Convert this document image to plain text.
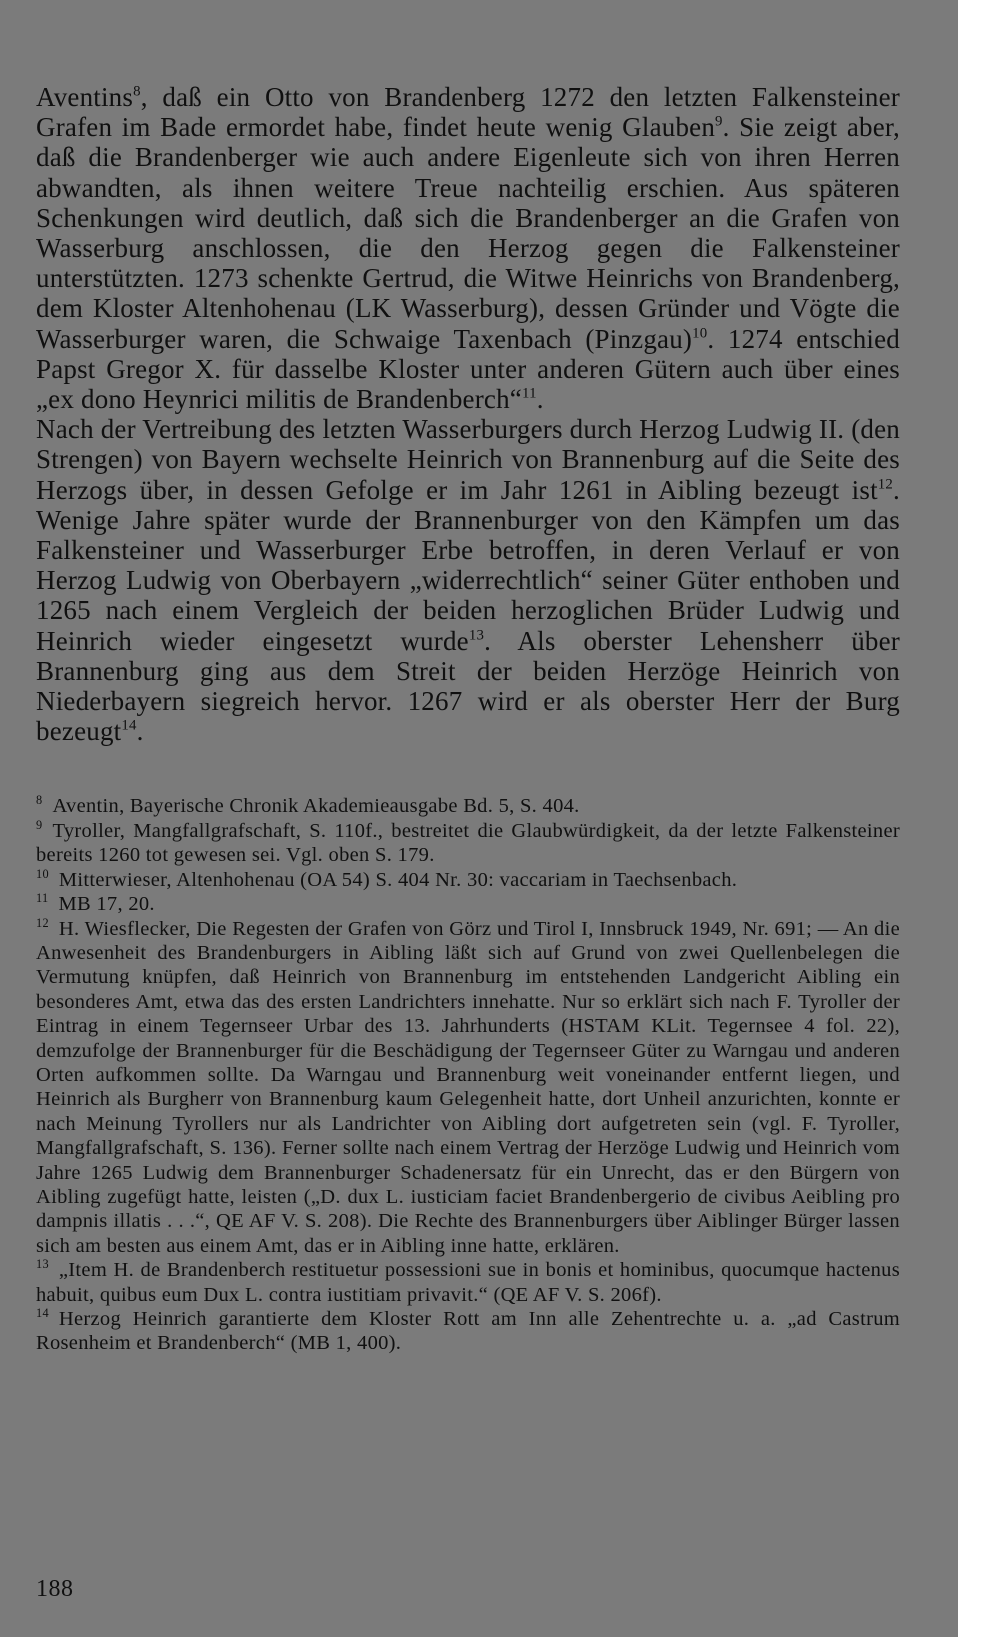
Aventins$^8$, daß ein Otto von Brandenberg 1272 den letzten Falkensteiner Grafen im Bade ermordet habe, findet heute wenig Glauben$^9$. Sie zeigt aber, daß die Brandenberger wie auch andere Eigenleute sich von ihren Herren abwandten, als ihnen weitere Treue nachteilig erschien. Aus späteren Schenkungen wird deutlich, daß sich die Brandenberger an die Grafen von Wasserburg anschlossen, die den Herzog gegen die Falkensteiner unterstützten. 1273 schenkte Gertrud, die Witwe Heinrichs von Brandenberg, dem Kloster Altenhohenau (LK Wasserburg), dessen Gründer und Vögte die Wasserburger waren, die Schwaige Taxenbach (Pinzgau)$^{10}$. 1274 entschied Papst Gregor X. für dasselbe Kloster unter anderen Gütern auch über eines „ex dono Heynrici militis de Brandenberch“$^{11}$.

Nach der Vertreibung des letzten Wasserburgers durch Herzog Ludwig II. (den Strengen) von Bayern wechselte Heinrich von Brannenburg auf die Seite des Herzogs über, in dessen Gefolge er im Jahr 1261 in Aibling bezeugt ist$^{12}$. Wenige Jahre später wurde der Brannenburger von den Kämpfen um das Falkensteiner und Wasserburger Erbe betroffen, in deren Verlauf er von Herzog Ludwig von Oberbayern „widerrechtlich“ seiner Güter enthoben und 1265 nach einem Vergleich der beiden herzoglichen Brüder Ludwig und Heinrich wieder eingesetzt wurde$^{13}$. Als oberster Lehensherr über Brannenburg ging aus dem Streit der beiden Herzöge Heinrich von Niederbayern siegreich hervor. 1267 wird er als oberster Herr der Burg bezeugt$^{14}$.

$^8$ Aventin, Bayerische Chronik Akademieausgabe Bd. 5, S. 404.

$^9$ Tyroller, Mangfallgrafschaft, S. 110f., bestreitet die Glaubwürdigkeit, da der letzte Falkensteiner bereits 1260 tot gewesen sei. Vgl. oben S. 179.

$^{10}$ Mitterwieser, Altenhohenau (OA 54) S. 404 Nr. 30: vaccariam in Taechsenbach.

$^{11}$ MB 17, 20.

$^{12}$ H. Wiesflecker, Die Regesten der Grafen von Görz und Tirol I, Innsbruck 1949, Nr. 691; — An die Anwesenheit des Brandenburgers in Aibling läßt sich auf Grund von zwei Quellenbelegen die Vermutung knüpfen, daß Heinrich von Brannenburg im entstehenden Landgericht Aibling ein besonderes Amt, etwa das des ersten Landrichters innehatte. Nur so erklärt sich nach F. Tyroller der Eintrag in einem Tegernseer Urbar des 13. Jahrhunderts (HSTAM KLit. Tegernsee 4 fol. 22), demzufolge der Brannenburger für die Beschädigung der Tegernseer Güter zu Warngau und anderen Orten aufkommen sollte. Da Warngau und Brannenburg weit voneinander entfernt liegen, und Heinrich als Burgherr von Brannenburg kaum Gelegenheit hatte, dort Unheil anzurichten, konnte er nach Meinung Tyrollers nur als Landrichter von Aibling dort aufgetreten sein (vgl. F. Tyroller, Mangfallgrafschaft, S. 136). Ferner sollte nach einem Vertrag der Herzöge Ludwig und Heinrich vom Jahre 1265 Ludwig dem Brannenburger Schadenersatz für ein Unrecht, das er den Bürgern von Aibling zugefügt hatte, leisten („D. dux L. iusticiam faciet Brandenbergerio de civibus Aeibling pro dampnis illatis . . .“, QE AF V. S. 208). Die Rechte des Brannenburgers über Aiblinger Bürger lassen sich am besten aus einem Amt, das er in Aibling inne hatte, erklären.

$^{13}$ „Item H. de Brandenberch restituetur possessioni sue in bonis et hominibus, quocumque hactenus habuit, quibus eum Dux L. contra iustitiam privavit.“ (QE AF V. S. 206f).

$^{14}$ Herzog Heinrich garantierte dem Kloster Rott am Inn alle Zehentrechte u. a. „ad Castrum Rosenheim et Brandenberch“ (MB 1, 400).

188
